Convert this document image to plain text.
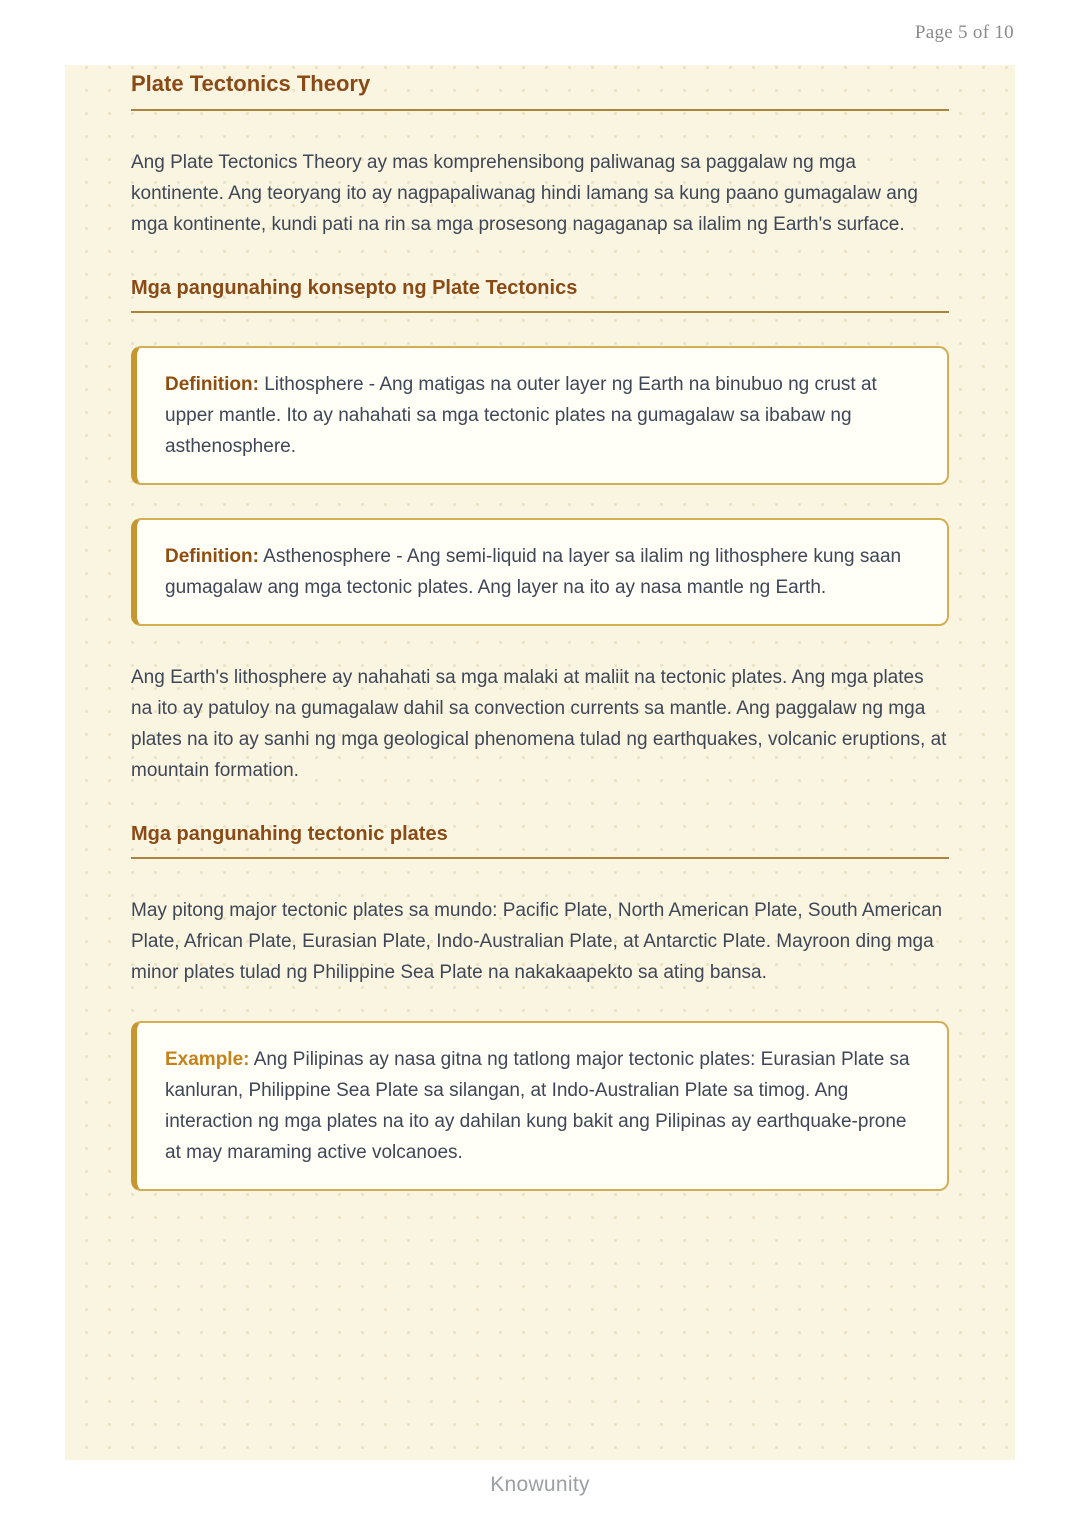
Page 5 of 10
Plate Tectonics Theory

Ang Plate Tectonics Theory ay mas komprehensibong paliwanag sa paggalaw ng mga kontinente. Ang teoryang ito ay nagpapaliwanag hindi lamang sa kung paano gumagalaw ang mga kontinente, kundi pati na rin sa mga prosesong nagaganap sa ilalim ng Earth's surface.

Mga pangunahing konsepto ng Plate Tectonics
Definition: Lithosphere - Ang matigas na outer layer ng Earth na binubuo ng crust at upper mantle. Ito ay nahahati sa mga tectonic plates na gumagalaw sa ibabaw ng asthenosphere.
Definition: Asthenosphere - Ang semi-liquid na layer sa ilalim ng lithosphere kung saan gumagalaw ang mga tectonic plates. Ang layer na ito ay nasa mantle ng Earth.

Ang Earth's lithosphere ay nahahati sa mga malaki at maliit na tectonic plates. Ang mga plates na ito ay patuloy na gumagalaw dahil sa convection currents sa mantle. Ang paggalaw ng mga plates na ito ay sanhi ng mga geological phenomena tulad ng earthquakes, volcanic eruptions, at mountain formation.

Mga pangunahing tectonic plates

May pitong major tectonic plates sa mundo: Pacific Plate, North American Plate, South American Plate, African Plate, Eurasian Plate, Indo-Australian Plate, at Antarctic Plate. Mayroon ding mga minor plates tulad ng Philippine Sea Plate na nakakaapekto sa ating bansa.

Example: Ang Pilipinas ay nasa gitna ng tatlong major tectonic plates: Eurasian Plate sa kanluran, Philippine Sea Plate sa silangan, at Indo-Australian Plate sa timog. Ang interaction ng mga plates na ito ay dahilan kung bakit ang Pilipinas ay earthquake-prone at may maraming active volcanoes.
Knowunity
